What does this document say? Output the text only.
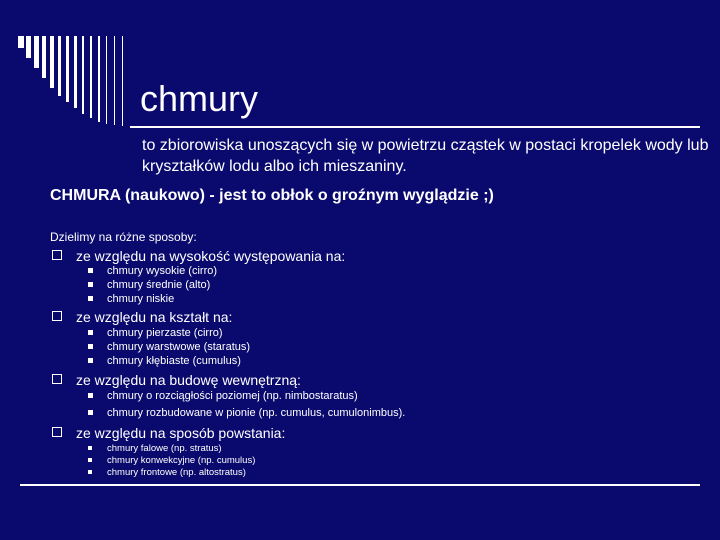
chmury
to zbiorowiska unoszących się w powietrzu cząstek w postaci kropelek wody lub kryształków lodu albo ich mieszaniny.
CHMURA (naukowo) - jest to obłok o groźnym wyglądzie ;)
Dzielimy na różne sposoby:
ze względu na wysokość występowania na:
chmury wysokie (cirro)
chmury średnie (alto)
chmury niskie
ze względu na kształt na:
chmury pierzaste (cirro)
chmury warstwowe (staratus)
chmury kłębiaste (cumulus)
ze względu na budowę wewnętrzną:
chmury o rozciągłości poziomej (np. nimbostaratus)
chmury rozbudowane w pionie (np. cumulus, cumulonimbus).
ze względu na sposób powstania:
chmury falowe (np. stratus)
chmury konwekcyjne (np. cumulus)
chmury frontowe (np. altostratus)
